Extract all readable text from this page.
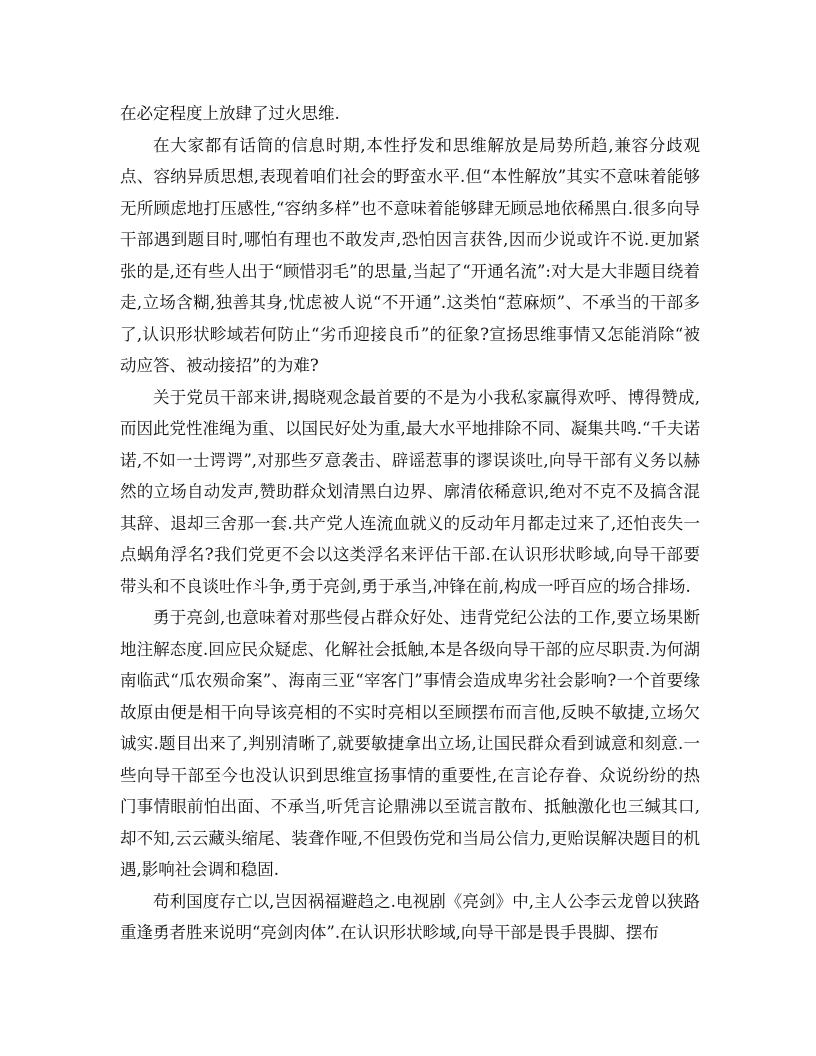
在必定程度上放肆了过火思维.

在大家都有话筒的信息时期,本性抒发和思维解放是局势所趋,兼容分歧观点、容纳异质思想,表现着咱们社会的野蛮水平.但“本性解放”其实不意味着能够无所顾虑地打压感性,“容纳多样”也不意味着能够肆无顾忌地依稀黑白.很多向导干部遇到题目时,哪怕有理也不敢发声,恐怕因言获咎,因而少说或许不说.更加紧张的是,还有些人出于“顾惜羽毛”的思量,当起了“开通名流”:对大是大非题目绕着走,立场含糊,独善其身,忧虑被人说“不开通”.这类怕“惹麻烦”、不承当的干部多了,认识形状畛域若何防止“劣币迎接良币”的征象?宣扬思维事情又怎能消除“被动应答、被动接招”的为难?

关于党员干部来讲,揭晓观念最首要的不是为小我私家赢得欢呼、博得赞成,而因此党性准绳为重、以国民好处为重,最大水平地排除不同、凝集共鸣.“千夫诺诺,不如一士谔谔”,对那些歹意袭击、辟谣惹事的谬误谈吐,向导干部有义务以赫然的立场自动发声,赞助群众划清黑白边界、廓清依稀意识,绝对不克不及搞含混其辞、退却三舍那一套.共产党人连流血就义的反动年月都走过来了,还怕丧失一点蜗角浮名?我们党更不会以这类浮名来评估干部.在认识形状畛域,向导干部要带头和不良谈吐作斗争,勇于亮剑,勇于承当,冲锋在前,构成一呼百应的场合排场.

勇于亮剑,也意味着对那些侵占群众好处、违背党纪公法的工作,要立场果断地注解态度.回应民众疑虑、化解社会抵触,本是各级向导干部的应尽职责.为何湖南临武“瓜农殒命案”、海南三亚“宰客门”事情会造成卑劣社会影响?一个首要缘故原由便是相干向导该亮相的不实时亮相以至顾摆布而言他,反映不敏捷,立场欠诚实.题目出来了,判别清晰了,就要敏捷拿出立场,让国民群众看到诚意和刻意.一些向导干部至今也没认识到思维宣扬事情的重要性,在言论存眷、众说纷纷的热门事情眼前怕出面、不承当,听凭言论鼎沸以至谎言散布、抵触激化也三缄其口,却不知,云云藏头缩尾、装聋作哑,不但毁伤党和当局公信力,更贻误解决题目的机遇,影响社会调和稳固.

苟利国度存亡以,岂因祸福避趋之.电视剧《亮剑》中,主人公李云龙曾以狭路重逢勇者胜来说明“亮剑肉体”.在认识形状畛域,向导干部是畏手畏脚、摆布
